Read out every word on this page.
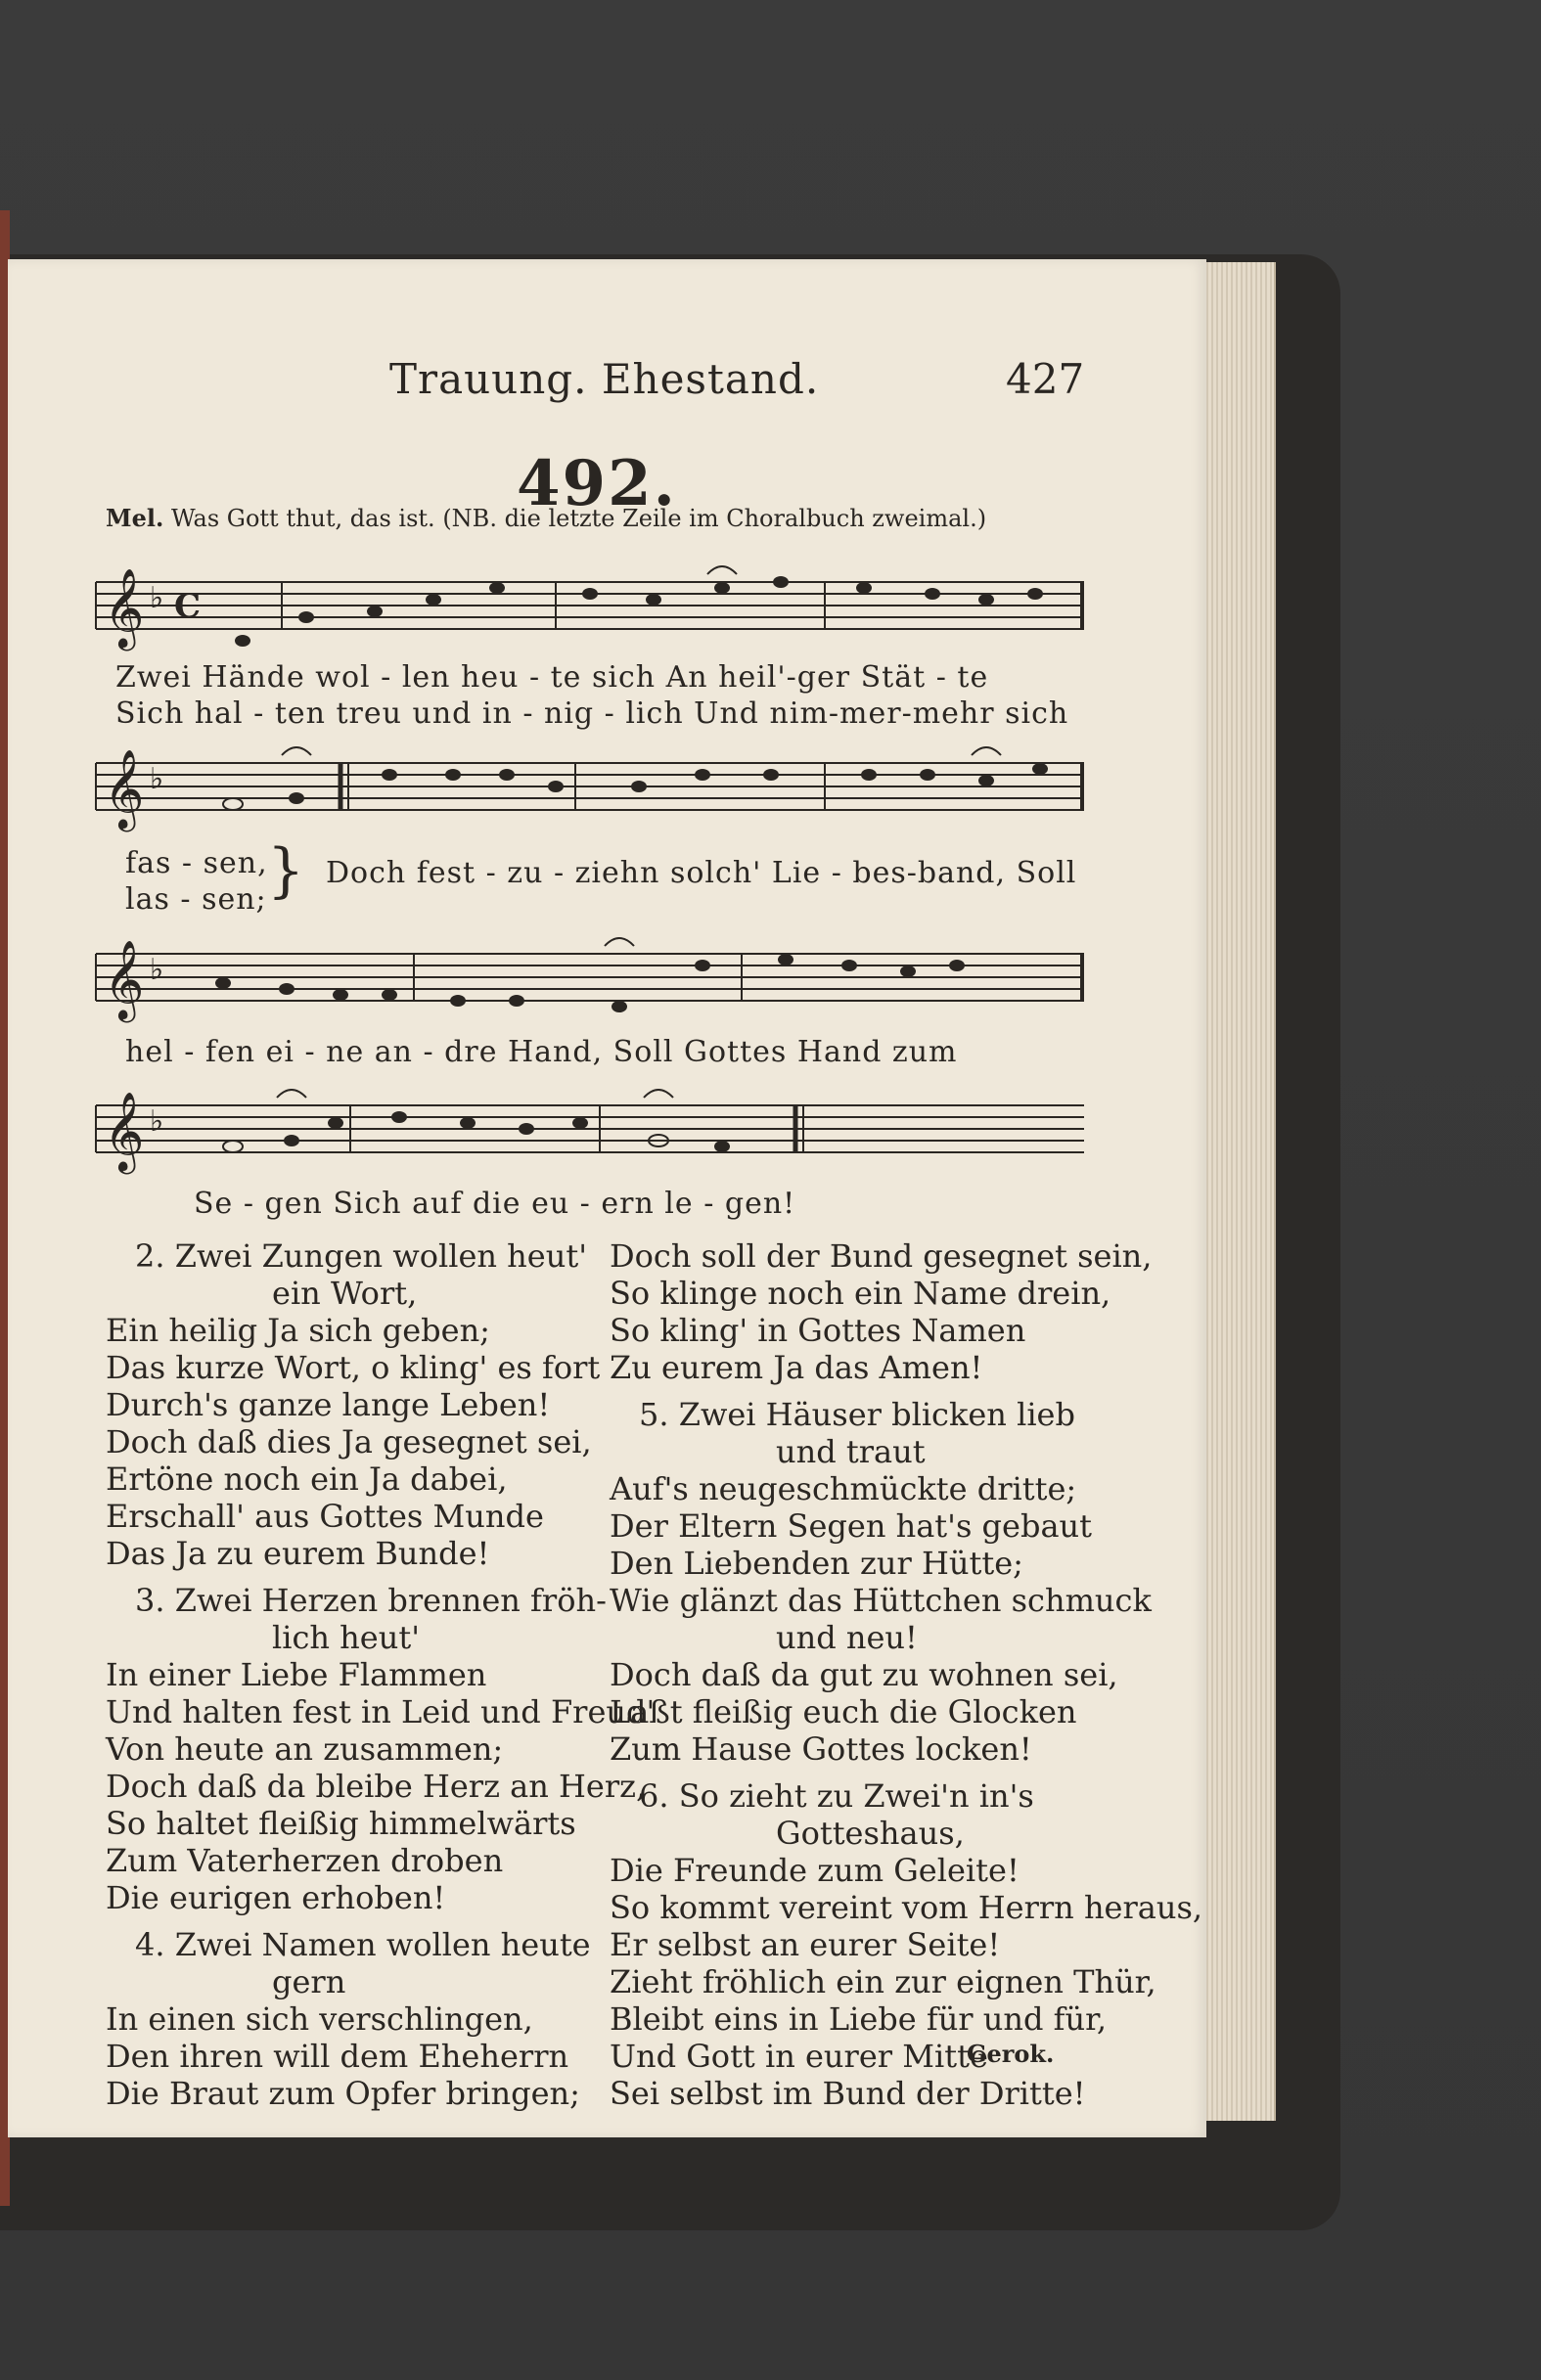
Trauung. Ehestand.	427
492.
Mel. Was Gott thut, das ist. (NB. die letzte Zeile im Choralbuch zweimal.)
𝄞 ♭ C
Zwei Hände wol - len heu - te sich An heil'-ger Stät - te
Sich hal - ten treu und in - nig - lich Und nim-mer-mehr sich
𝄞 ♭
fas - sen,
las - sen; } Doch fest - zu - ziehn solch' Lie - bes-band, Soll
𝄞 ♭
hel - fen ei - ne an - dre Hand, Soll Gottes Hand zum
𝄞 ♭
Se - gen Sich auf die eu - ern le - gen!
2. Zwei Zungen wollen heut'
ein Wort,
Ein heilig Ja sich geben;
Das kurze Wort, o kling' es fort
Durch's ganze lange Leben!
Doch daß dies Ja gesegnet sei,
Ertöne noch ein Ja dabei,
Erschall' aus Gottes Munde
Das Ja zu eurem Bunde!
3. Zwei Herzen brennen fröh-
lich heut'
In einer Liebe Flammen
Und halten fest in Leid und Freud'
Von heute an zusammen;
Doch daß da bleibe Herz an Herz,
So haltet fleißig himmelwärts
Zum Vaterherzen droben
Die eurigen erhoben!
4. Zwei Namen wollen heute
gern
In einen sich verschlingen,
Den ihren will dem Eheherrn
Die Braut zum Opfer bringen;
Doch soll der Bund gesegnet sein,
So klinge noch ein Name drein,
So kling' in Gottes Namen
Zu eurem Ja das Amen!
5. Zwei Häuser blicken lieb
und traut
Auf's neugeschmückte dritte;
Der Eltern Segen hat's gebaut
Den Liebenden zur Hütte;
Wie glänzt das Hüttchen schmuck
und neu!
Doch daß da gut zu wohnen sei,
Laßt fleißig euch die Glocken
Zum Hause Gottes locken!
6. So zieht zu Zwei'n in's
Gotteshaus,
Die Freunde zum Geleite!
So kommt vereint vom Herrn heraus,
Er selbst an eurer Seite!
Zieht fröhlich ein zur eignen Thür,
Bleibt eins in Liebe für und für,
Und Gott in eurer Mitte
Sei selbst im Bund der Dritte!
Gerok.
